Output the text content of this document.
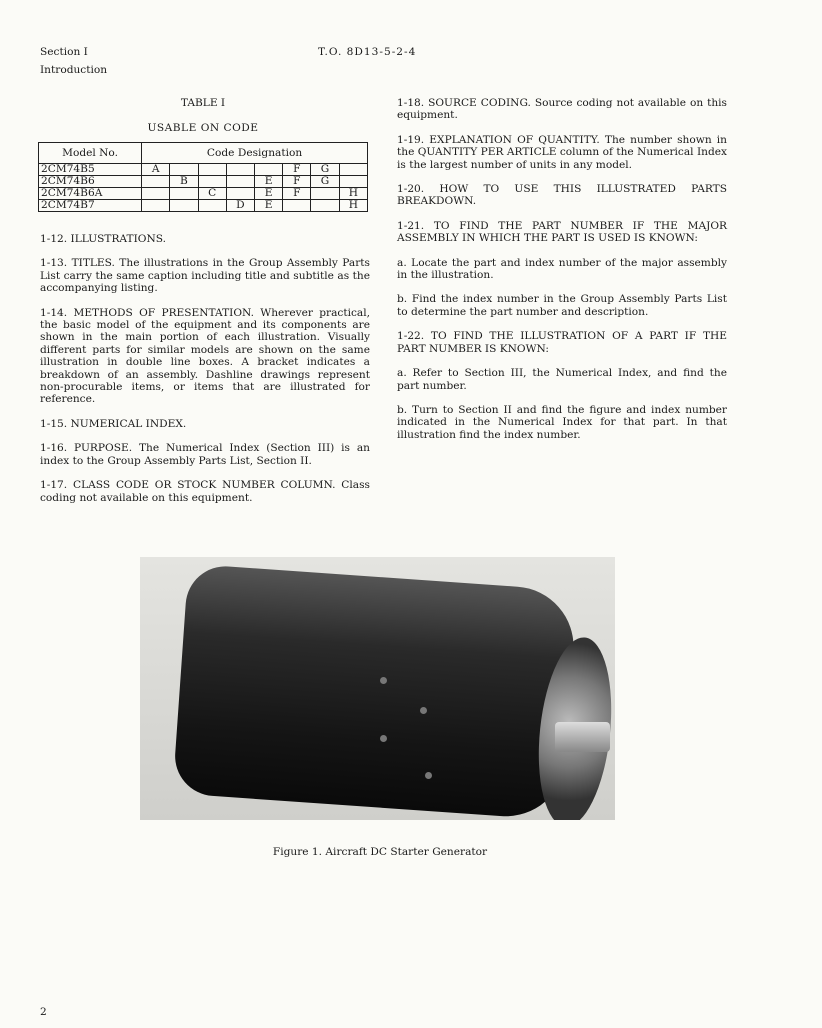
Section I
Introduction
T.O. 8D13-5-2-4
TABLE I
USABLE ON CODE
Model No.	Code Designation							
2CM74B5	A					F	G	
2CM74B6		B			E	F	G	
2CM74B6A			C		E	F		H
2CM74B7				D	E			H

1-12. ILLUSTRATIONS.

1-13. TITLES. The illustrations in the Group Assembly Parts List carry the same caption including title and subtitle as the accompanying listing.

1-14. METHODS OF PRESENTATION. Wherever practical, the basic model of the equipment and its components are shown in the main portion of each illustration. Visually different parts for similar models are shown on the same illustration in double line boxes. A bracket indicates a breakdown of an assembly. Dashline drawings represent non-procurable items, or items that are illustrated for reference.

1-15. NUMERICAL INDEX.

1-16. PURPOSE. The Numerical Index (Section III) is an index to the Group Assembly Parts List, Section II.

1-17. CLASS CODE OR STOCK NUMBER COLUMN. Class coding not available on this equipment.

1-18. SOURCE CODING. Source coding not available on this equipment.

1-19. EXPLANATION OF QUANTITY. The number shown in the QUANTITY PER ARTICLE column of the Numerical Index is the largest number of units in any model.

1-20. HOW TO USE THIS ILLUSTRATED PARTS BREAKDOWN.

1-21. TO FIND THE PART NUMBER IF THE MAJOR ASSEMBLY IN WHICH THE PART IS USED IS KNOWN:

a. Locate the part and index number of the major assembly in the illustration.

b. Find the index number in the Group Assembly Parts List to determine the part number and description.

1-22. TO FIND THE ILLUSTRATION OF A PART IF THE PART NUMBER IS KNOWN:

a. Refer to Section III, the Numerical Index, and find the part number.

b. Turn to Section II and find the figure and index number indicated in the Numerical Index for that part. In that illustration find the index number.

Figure 1. Aircraft DC Starter Generator
2
